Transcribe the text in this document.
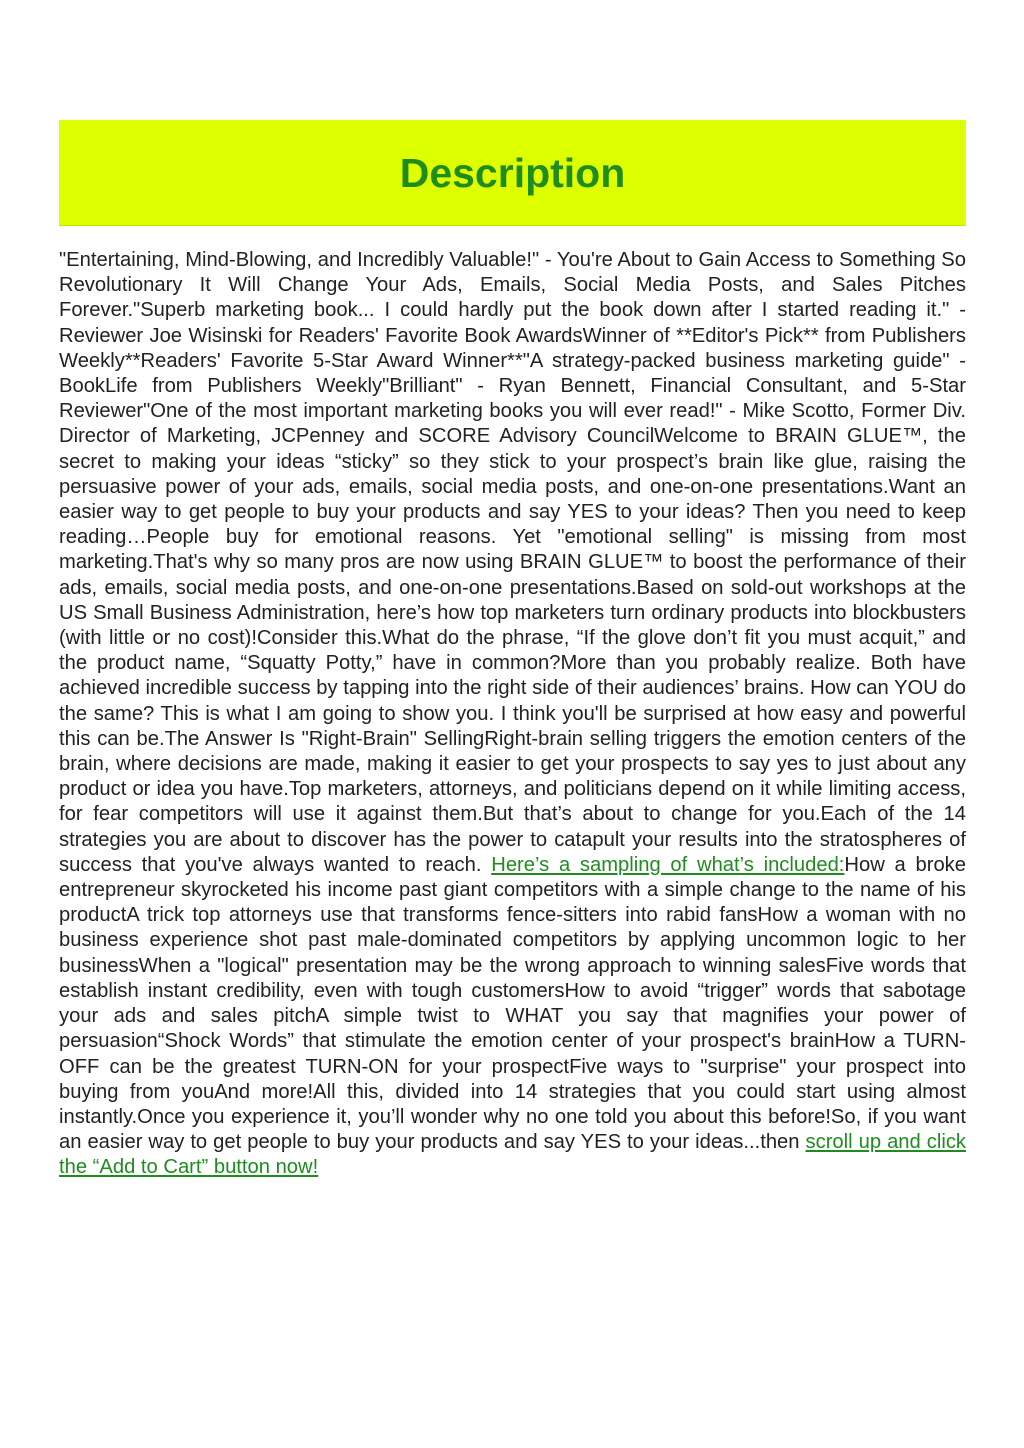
Description

"Entertaining, Mind-Blowing, and Incredibly Valuable!" - You're About to Gain Access to Something So Revolutionary It Will Change Your Ads, Emails, Social Media Posts, and Sales Pitches Forever."Superb marketing book... I could hardly put the book down after I started reading it." - Reviewer Joe Wisinski for Readers' Favorite Book AwardsWinner of **Editor's Pick** from Publishers Weekly**Readers' Favorite 5-Star Award Winner**"A strategy-packed business marketing guide" - BookLife from Publishers Weekly"Brilliant" - Ryan Bennett, Financial Consultant, and 5-Star Reviewer"One of the most important marketing books you will ever read!" - Mike Scotto, Former Div. Director of Marketing, JCPenney and SCORE Advisory CouncilWelcome to BRAIN GLUE™, the secret to making your ideas “sticky” so they stick to your prospect’s brain like glue, raising the persuasive power of your ads, emails, social media posts, and one-on-one presentations.Want an easier way to get people to buy your products and say YES to your ideas? Then you need to keep reading…People buy for emotional reasons. Yet "emotional selling" is missing from most marketing.That's why so many pros are now using BRAIN GLUE™ to boost the performance of their ads, emails, social media posts, and one-on-one presentations.Based on sold-out workshops at the US Small Business Administration, here’s how top marketers turn ordinary products into blockbusters (with little or no cost)!Consider this.What do the phrase, “If the glove don’t fit you must acquit,” and the product name, “Squatty Potty,” have in common?More than you probably realize. Both have achieved incredible success by tapping into the right side of their audiences’ brains. How can YOU do the same? This is what I am going to show you. I think you'll be surprised at how easy and powerful this can be.The Answer Is "Right-Brain" SellingRight-brain selling triggers the emotion centers of the brain, where decisions are made, making it easier to get your prospects to say yes to just about any product or idea you have.Top marketers, attorneys, and politicians depend on it while limiting access, for fear competitors will use it against them.But that’s about to change for you.Each of the 14 strategies you are about to discover has the power to catapult your results into the stratospheres of success that you've always wanted to reach. Here’s a sampling of what’s included:How a broke entrepreneur skyrocketed his income past giant competitors with a simple change to the name of his productA trick top attorneys use that transforms fence-sitters into rabid fansHow a woman with no business experience shot past male-dominated competitors by applying uncommon logic to her businessWhen a "logical" presentation may be the wrong approach to winning salesFive words that establish instant credibility, even with tough customersHow to avoid “trigger” words that sabotage your ads and sales pitchA simple twist to WHAT you say that magnifies your power of persuasion“Shock Words” that stimulate the emotion center of your prospect's brainHow a TURN-OFF can be the greatest TURN-ON for your prospectFive ways to "surprise" your prospect into buying from youAnd more!All this, divided into 14 strategies that you could start using almost instantly.Once you experience it, you’ll wonder why no one told you about this before!So, if you want an easier way to get people to buy your products and say YES to your ideas...then scroll up and click the “Add to Cart” button now!
